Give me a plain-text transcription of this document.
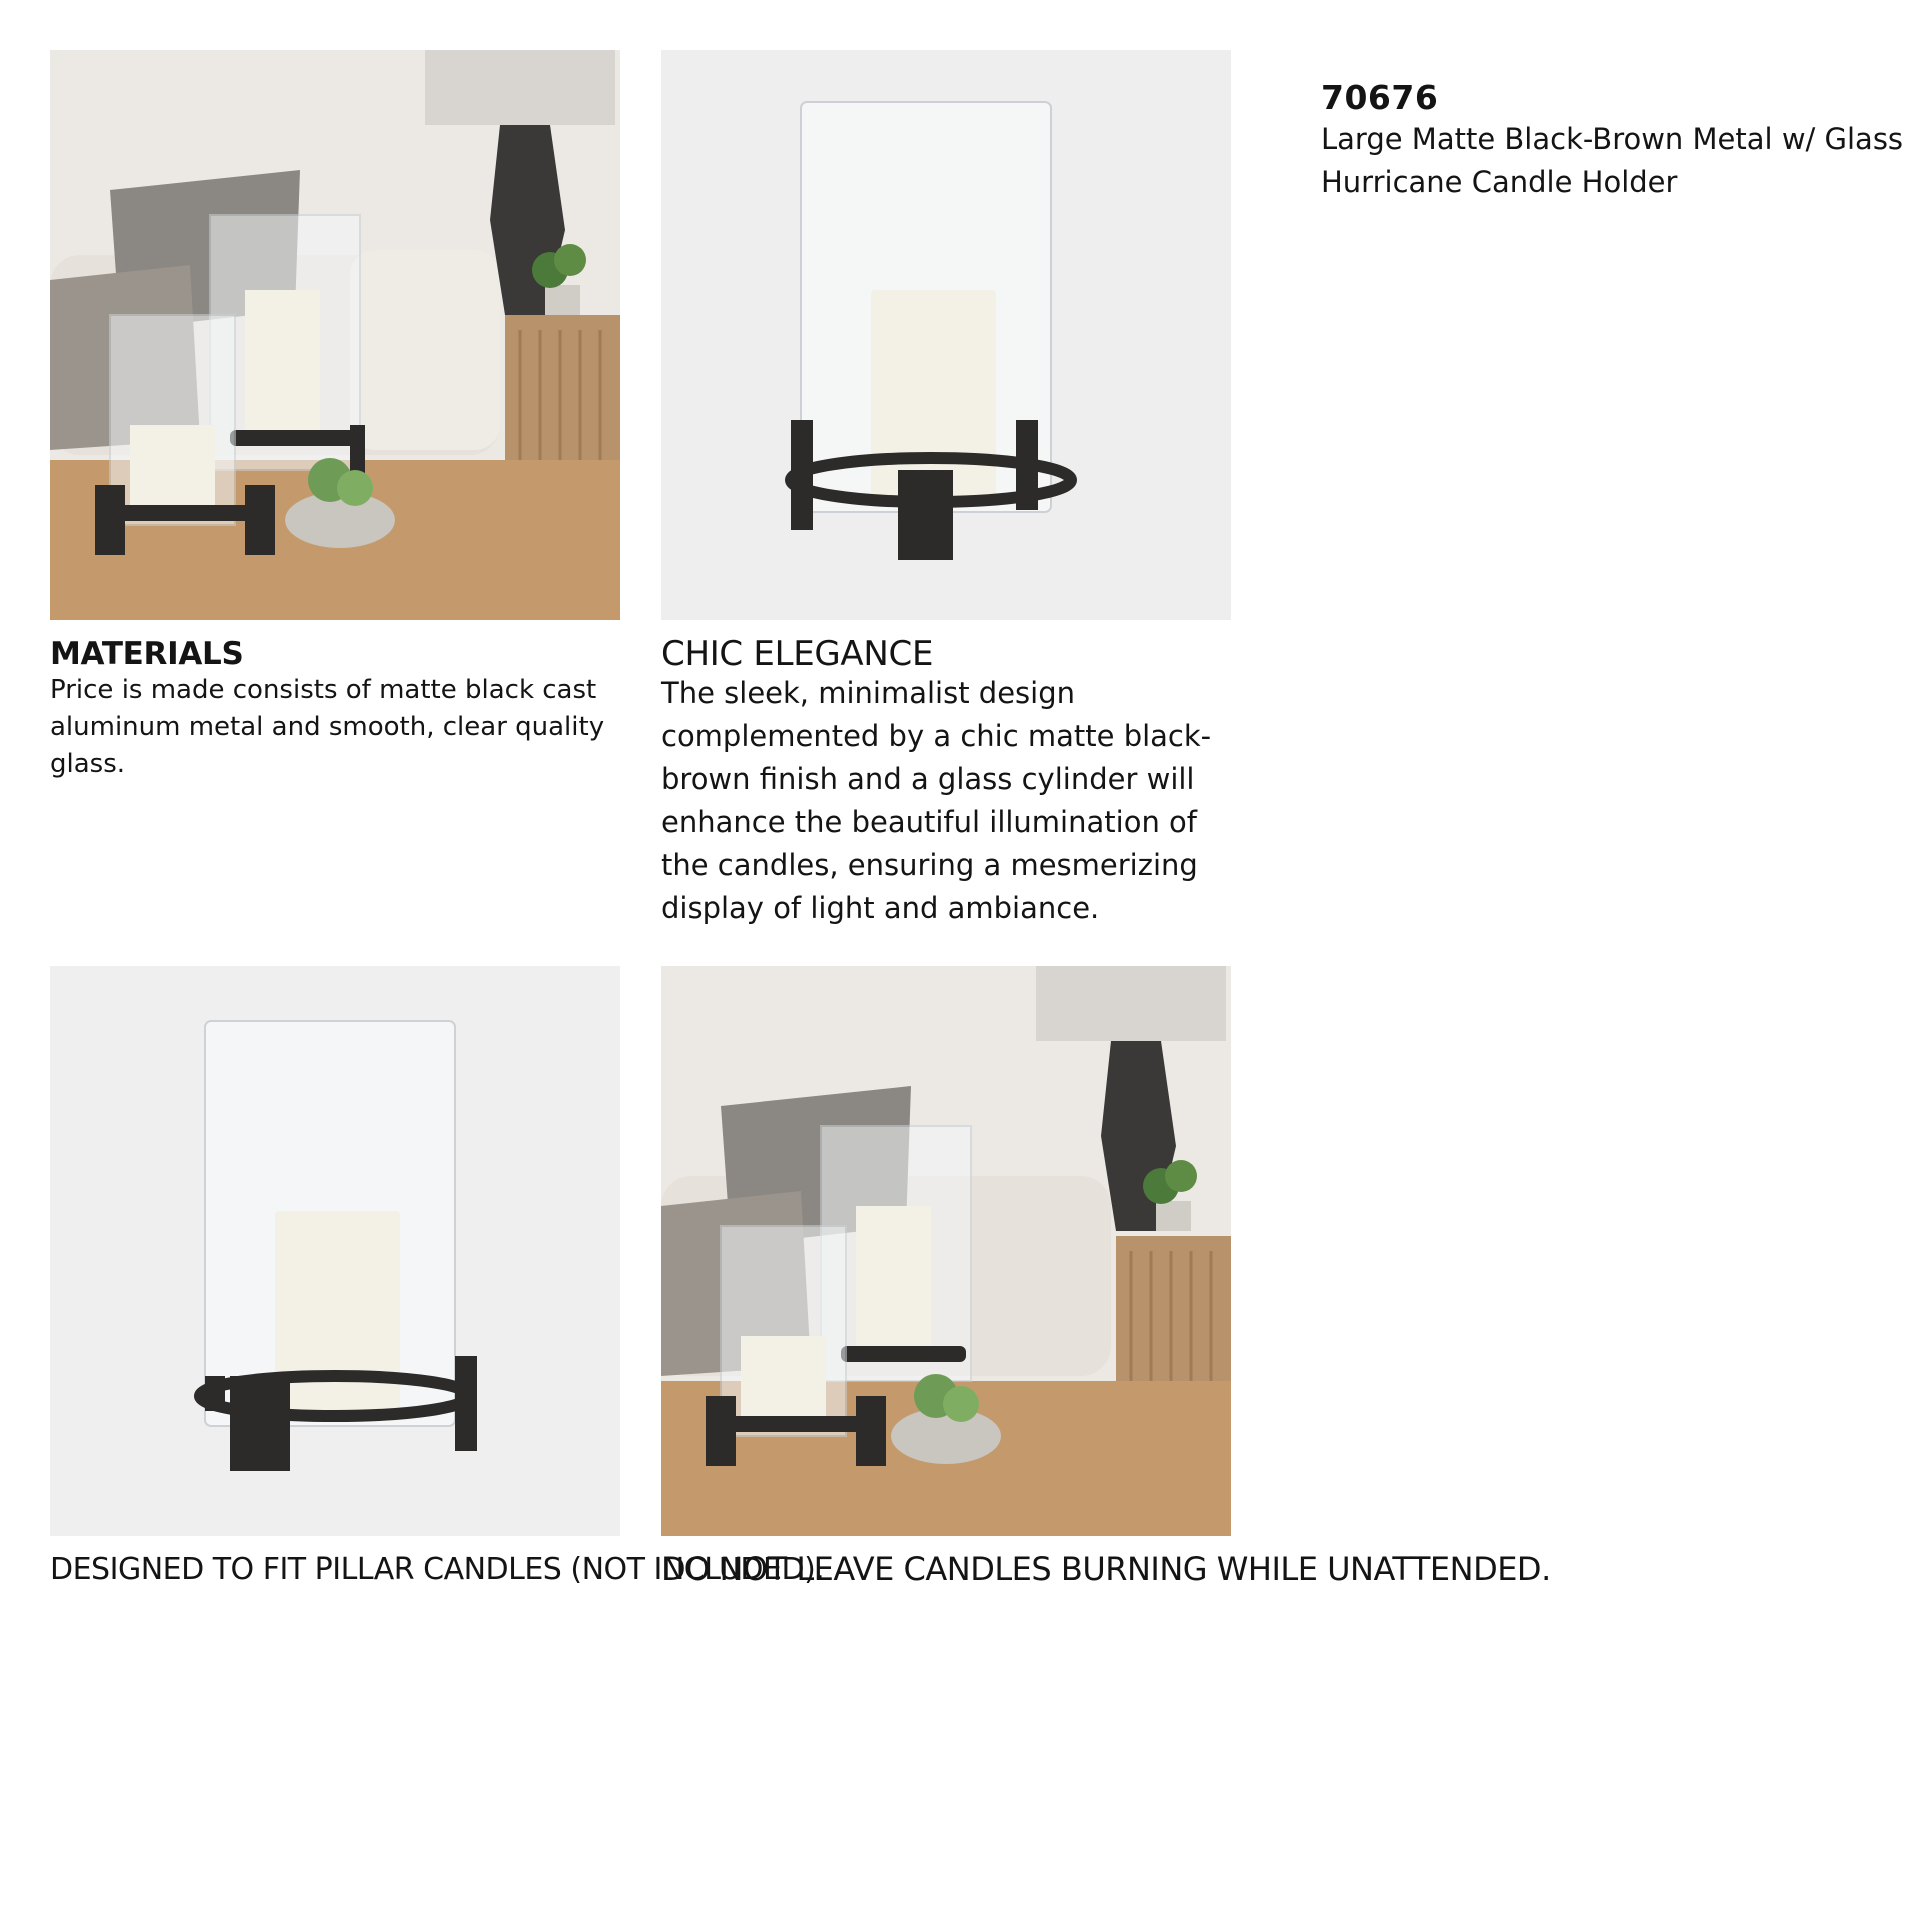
70676
Large Matte Black-Brown Metal w/ Glass Hurricane Candle Holder
MATERIALS
Price is made consists of matte black cast aluminum metal and smooth, clear quality glass.
CHIC ELEGANCE
The sleek, minimalist design complemented by a chic matte black-brown finish and a glass cylinder will enhance the beautiful illumination of the candles, ensuring a mesmerizing display of light and ambiance.
DESIGNED TO FIT PILLAR CANDLES (NOT INCLUDED).
DO NOT LEAVE CANDLES BURNING WHILE UNATTENDED.
